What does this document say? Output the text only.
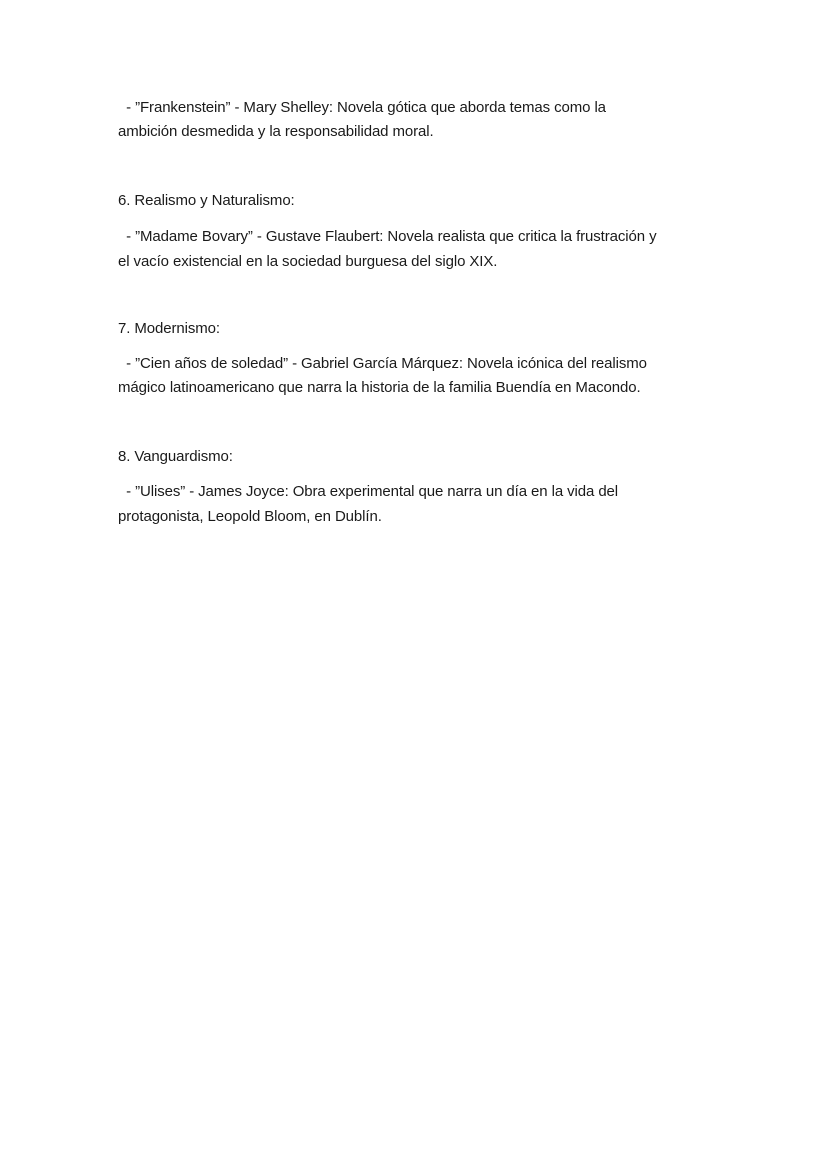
- ”Frankenstein” - Mary Shelley: Novela gótica que aborda temas como la
ambición desmedida y la responsabilidad moral.
6. Realismo y Naturalismo:
- ”Madame Bovary” - Gustave Flaubert: Novela realista que critica la frustración y
el vacío existencial en la sociedad burguesa del siglo XIX.
7. Modernismo:
- ”Cien años de soledad” - Gabriel García Márquez: Novela icónica del realismo
mágico latinoamericano que narra la historia de la familia Buendía en Macondo.
8. Vanguardismo:
- ”Ulises” - James Joyce: Obra experimental que narra un día en la vida del
protagonista, Leopold Bloom, en Dublín.
